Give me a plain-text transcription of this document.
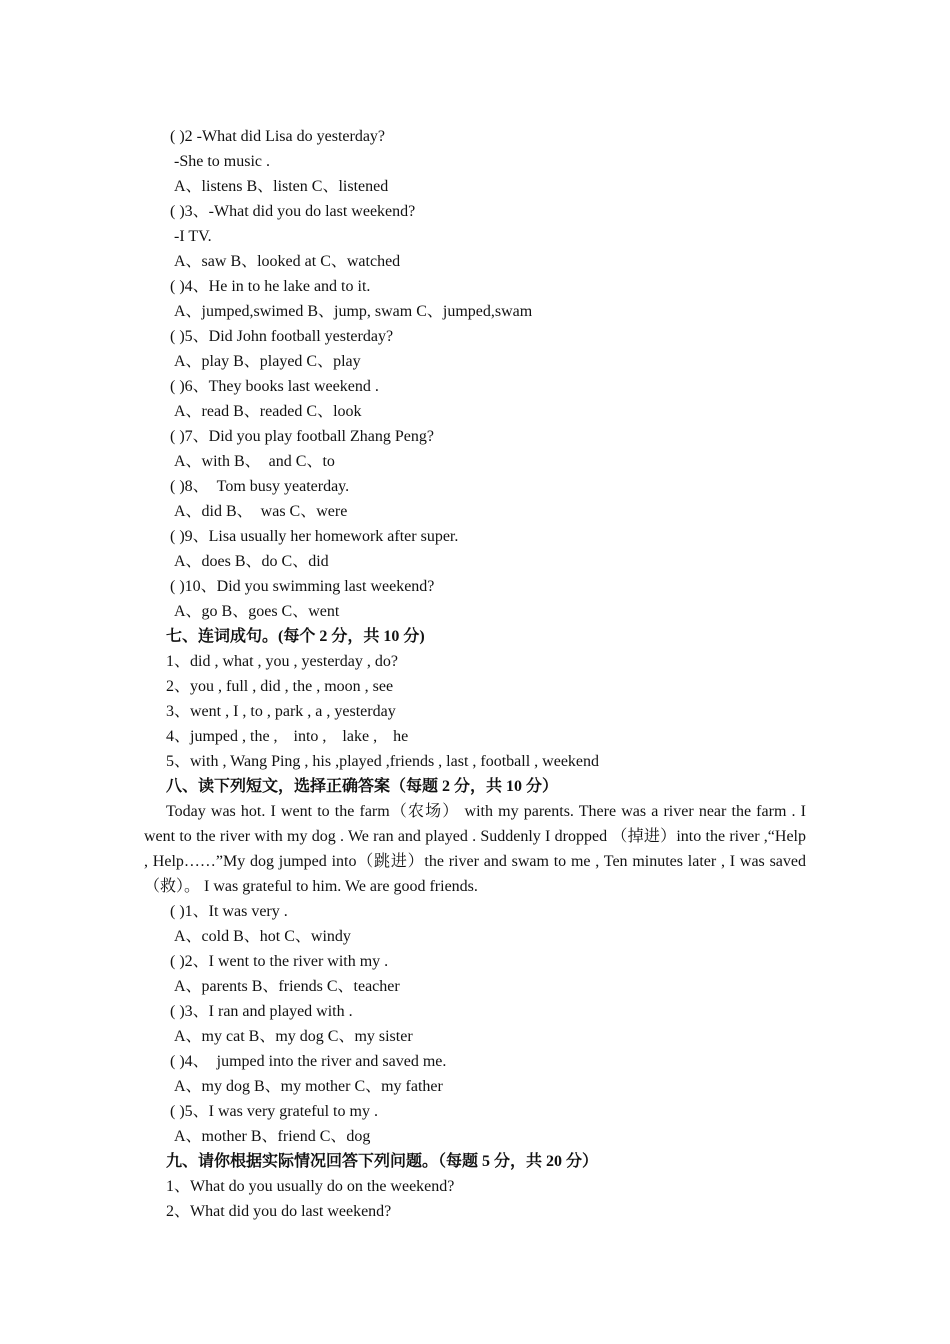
( )2 -What did Lisa do yesterday?
-She to music .
A、listens B、listen C、listened
( )3、-What did you do last weekend?
-I TV.
A、saw B、looked at C、watched
( )4、He in to he lake and to it.
A、jumped,swimed B、jump, swam C、jumped,swam
( )5、Did John football yesterday?
A、play B、played C、play
( )6、They books last weekend .
A、read B、readed C、look
( )7、Did you play football Zhang Peng?
A、with B、  and C、to
( )8、  Tom busy yeaterday.
A、did B、  was C、were
( )9、Lisa usually her homework after super.
A、does B、do C、did
( )10、Did you swimming last weekend?
A、go B、goes C、went
七、连词成句。(每个 2 分，共 10 分)
1、did , what , you , yesterday , do?
2、you , full , did , the , moon , see
3、went , I , to , park , a , yesterday
4、jumped , the ,    into ,    lake ,    he
5、with , Wang Ping , his ,played ,friends , last , football , weekend
八、读下列短文，选择正确答案（每题 2 分，共 10 分）
Today was hot. I went to the farm（农场） with my parents. There was a river near the farm . I went to the river with my dog . We ran and played . Suddenly I dropped （掉进）into the river ,“Help , Help……”My dog jumped into（跳进）the river and swam to me , Ten minutes later , I was saved（救）。 I was grateful to him. We are good friends.
( )1、It was very .
A、cold B、hot C、windy
( )2、I went to the river with my .
A、parents B、friends C、teacher
( )3、I ran and played with .
A、my cat B、my dog C、my sister
( )4、  jumped into the river and saved me.
A、my dog B、my mother C、my father
( )5、I was very grateful to my .
A、mother B、friend C、dog
九、请你根据实际情况回答下列问题。（每题 5 分，共 20 分）
1、What do you usually do on the weekend?
2、What did you do last weekend?
